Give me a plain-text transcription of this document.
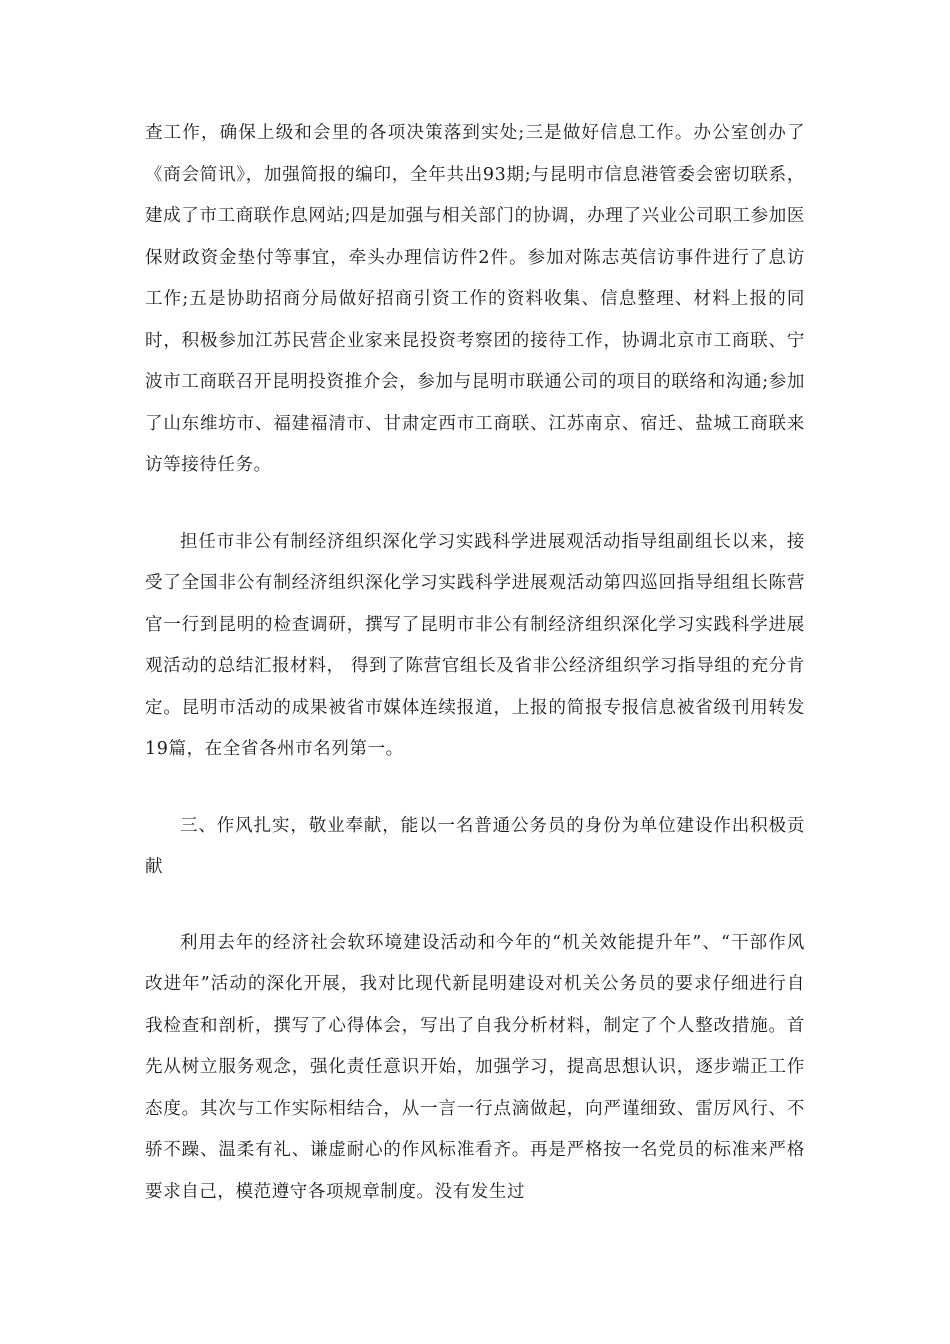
查工作，确保上级和会里的各项决策落到实处;三是做好信息工作。办公室创办了《商会简讯》，加强简报的编印，全年共出93期;与昆明市信息港管委会密切联系，建成了市工商联作息网站;四是加强与相关部门的协调，办理了兴业公司职工参加医保财政资金垫付等事宜，牵头办理信访件2件。参加对陈志英信访事件进行了息访工作;五是协助招商分局做好招商引资工作的资料收集、信息整理、材料上报的同时，积极参加江苏民营企业家来昆投资考察团的接待工作，协调北京市工商联、宁波市工商联召开昆明投资推介会，参加与昆明市联通公司的项目的联络和沟通;参加了山东维坊市、福建福清市、甘肃定西市工商联、江苏南京、宿迁、盐城工商联来访等接待任务。

担任市非公有制经济组织深化学习实践科学进展观活动指导组副组长以来，接受了全国非公有制经济组织深化学习实践科学进展观活动第四巡回指导组组长陈营官一行到昆明的检查调研，撰写了昆明市非公有制经济组织深化学习实践科学进展观活动的总结汇报材料， 得到了陈营官组长及省非公经济组织学习指导组的充分肯定。昆明市活动的成果被省市媒体连续报道，上报的简报专报信息被省级刊用转发19篇，在全省各州市名列第一。

三、作风扎实，敬业奉献，能以一名普通公务员的身份为单位建设作出积极贡献

利用去年的经济社会软环境建设活动和今年的“机关效能提升年”、“干部作风改进年”活动的深化开展，我对比现代新昆明建设对机关公务员的要求仔细进行自我检查和剖析，撰写了心得体会，写出了自我分析材料，制定了个人整改措施。首先从树立服务观念，强化责任意识开始，加强学习，提高思想认识，逐步端正工作态度。其次与工作实际相结合，从一言一行点滴做起，向严谨细致、雷厉风行、不骄不躁、温柔有礼、谦虚耐心的作风标准看齐。再是严格按一名党员的标准来严格要求自己，模范遵守各项规章制度。没有发生过
